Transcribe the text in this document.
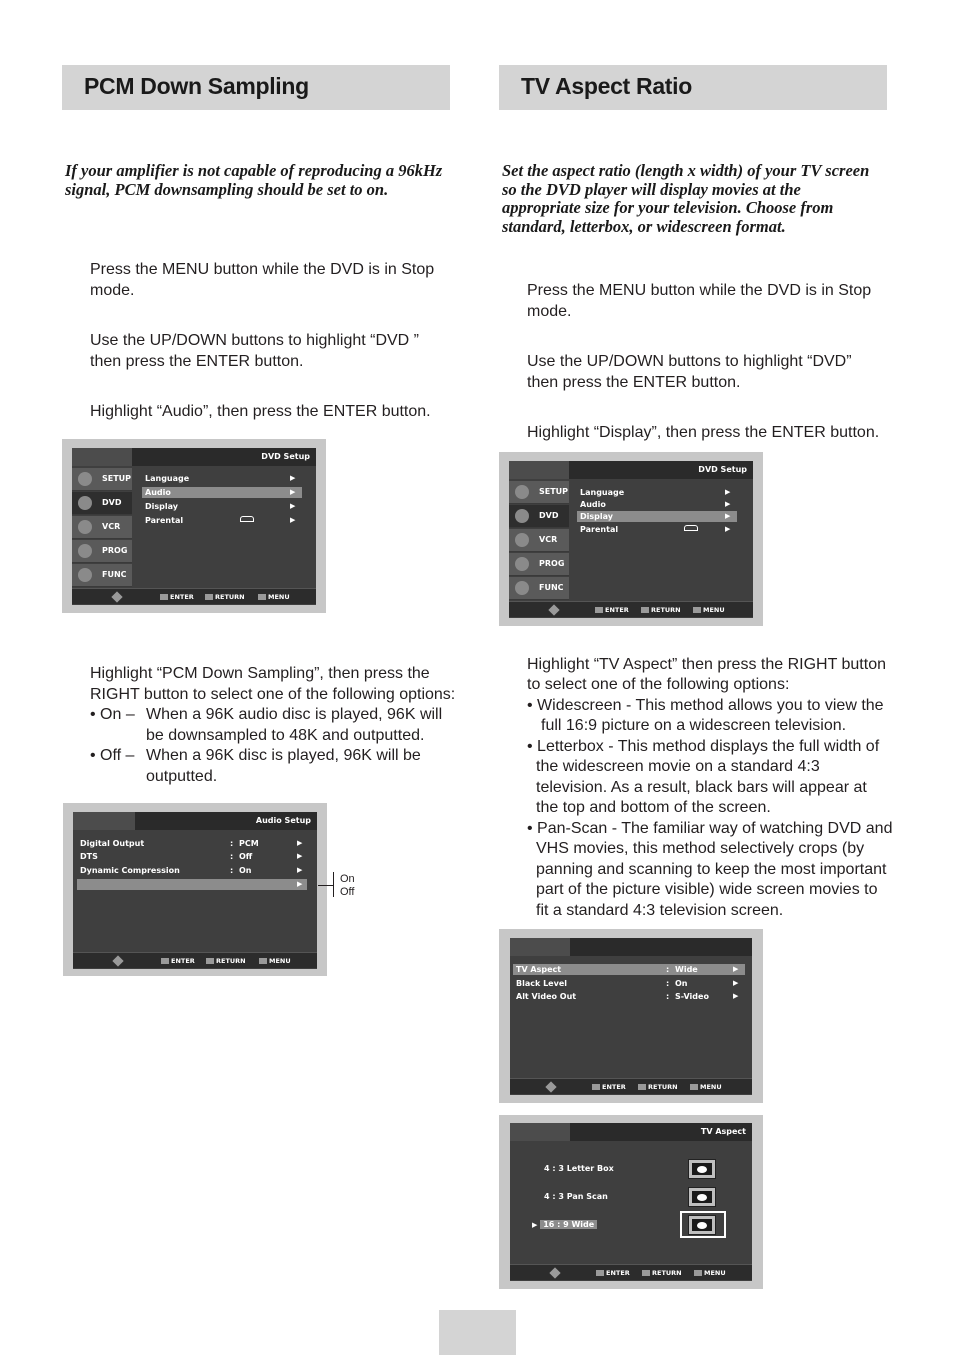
PCM Down Sampling
If your amplifier is not capable of reproducing a 96kHz signal, PCM downsampling should be set to on.
Press the MENU button while the DVD is in Stop mode.
Use the UP/DOWN buttons to highlight “DVD ” then press the ENTER button.
Highlight “Audio”, then press the ENTER button.
DVD Setup
SETUP
DVD
VCR
PROG
FUNC
Language	▶
Audio	▶
Display	▶
Parental	▶
ENTER	RETURN	MENU
Highlight “PCM Down Sampling”, then press the
RIGHT button to select one of the following options:
• On – When a 96K audio disc is played, 96K will
be downsampled to 48K and outputted.
• Off – When a 96K disc is played, 96K will be
outputted.
Audio Setup
Digital Output	: PCM	▶
DTS	: Off	▶
Dynamic Compression	: On	▶
▶
ENTER	RETURN	MENU
On
Off
TV Aspect Ratio
Set the aspect ratio (length x width) of your TV screen so the DVD player will display movies at the appropriate size for your television. Choose from standard, letterbox, or widescreen format.
Press the MENU button while the DVD is in Stop mode.
Use the UP/DOWN buttons to highlight “DVD” then press the ENTER button.
Highlight “Display”, then press the ENTER button.
DVD Setup
SETUP
DVD
VCR
PROG
FUNC
Language	▶
Audio	▶
Display	▶
Parental	▶
ENTER	RETURN	MENU
Highlight “TV Aspect” then press the RIGHT button
to select one of the following options:
• Widescreen - This method allows you to view the
full 16:9 picture on a widescreen television.
• Letterbox - This method displays the full width of
the widescreen movie on a standard 4:3
television. As a result, black bars will appear at
the top and bottom of the screen.
• Pan-Scan - The familiar way of watching DVD and
VHS movies, this method selectively crops (by
panning and scanning to keep the most important
part of the picture visible) wide screen movies to
fit a standard 4:3 television screen.
TV Aspect	: Wide	▶
Black Level	: On	▶
Alt Video Out	: S-Video	▶
ENTER	RETURN	MENU
TV Aspect
4 : 3 Letter Box
4 : 3 Pan Scan
▶ 16 : 9 Wide
ENTER	RETURN	MENU
